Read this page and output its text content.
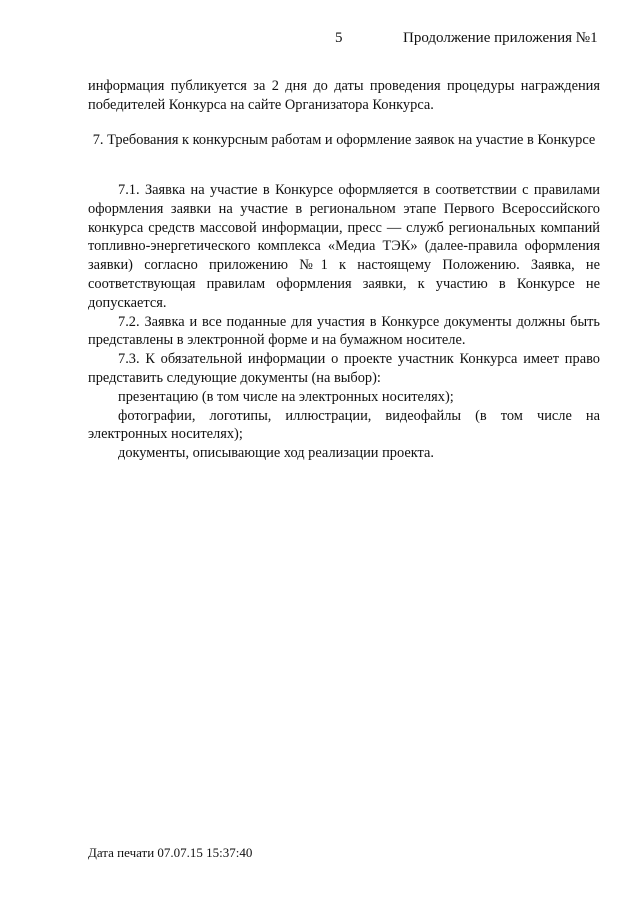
5	Продолжение приложения №1

информация публикуется за 2 дня до даты проведения процедуры награждения победителей Конкурса на сайте Организатора Конкурса.

7. Требования к конкурсным работам и оформление заявок на участие в Конкурсе

7.1. Заявка на участие в Конкурсе оформляется в соответствии с правилами оформления заявки на участие в региональном этапе Первого Всероссийского конкурса средств массовой информации, пресс — служб региональных компаний топливно-энергетического комплекса «Медиа ТЭК» (далее-правила оформления заявки) согласно приложению №1 к настоящему Положению. Заявка, не соответствующая правилам оформления заявки, к участию в Конкурсе не допускается.

7.2. Заявка и все поданные для участия в Конкурсе документы должны быть представлены в электронной форме и на бумажном носителе.

7.3. К обязательной информации о проекте участник Конкурса имеет право представить следующие документы (на выбор):

презентацию (в том числе на электронных носителях);

фотографии, логотипы, иллюстрации, видеофайлы (в том числе на электронных носителях);

документы, описывающие ход реализации проекта.

Дата печати 07.07.15 15:37:40
